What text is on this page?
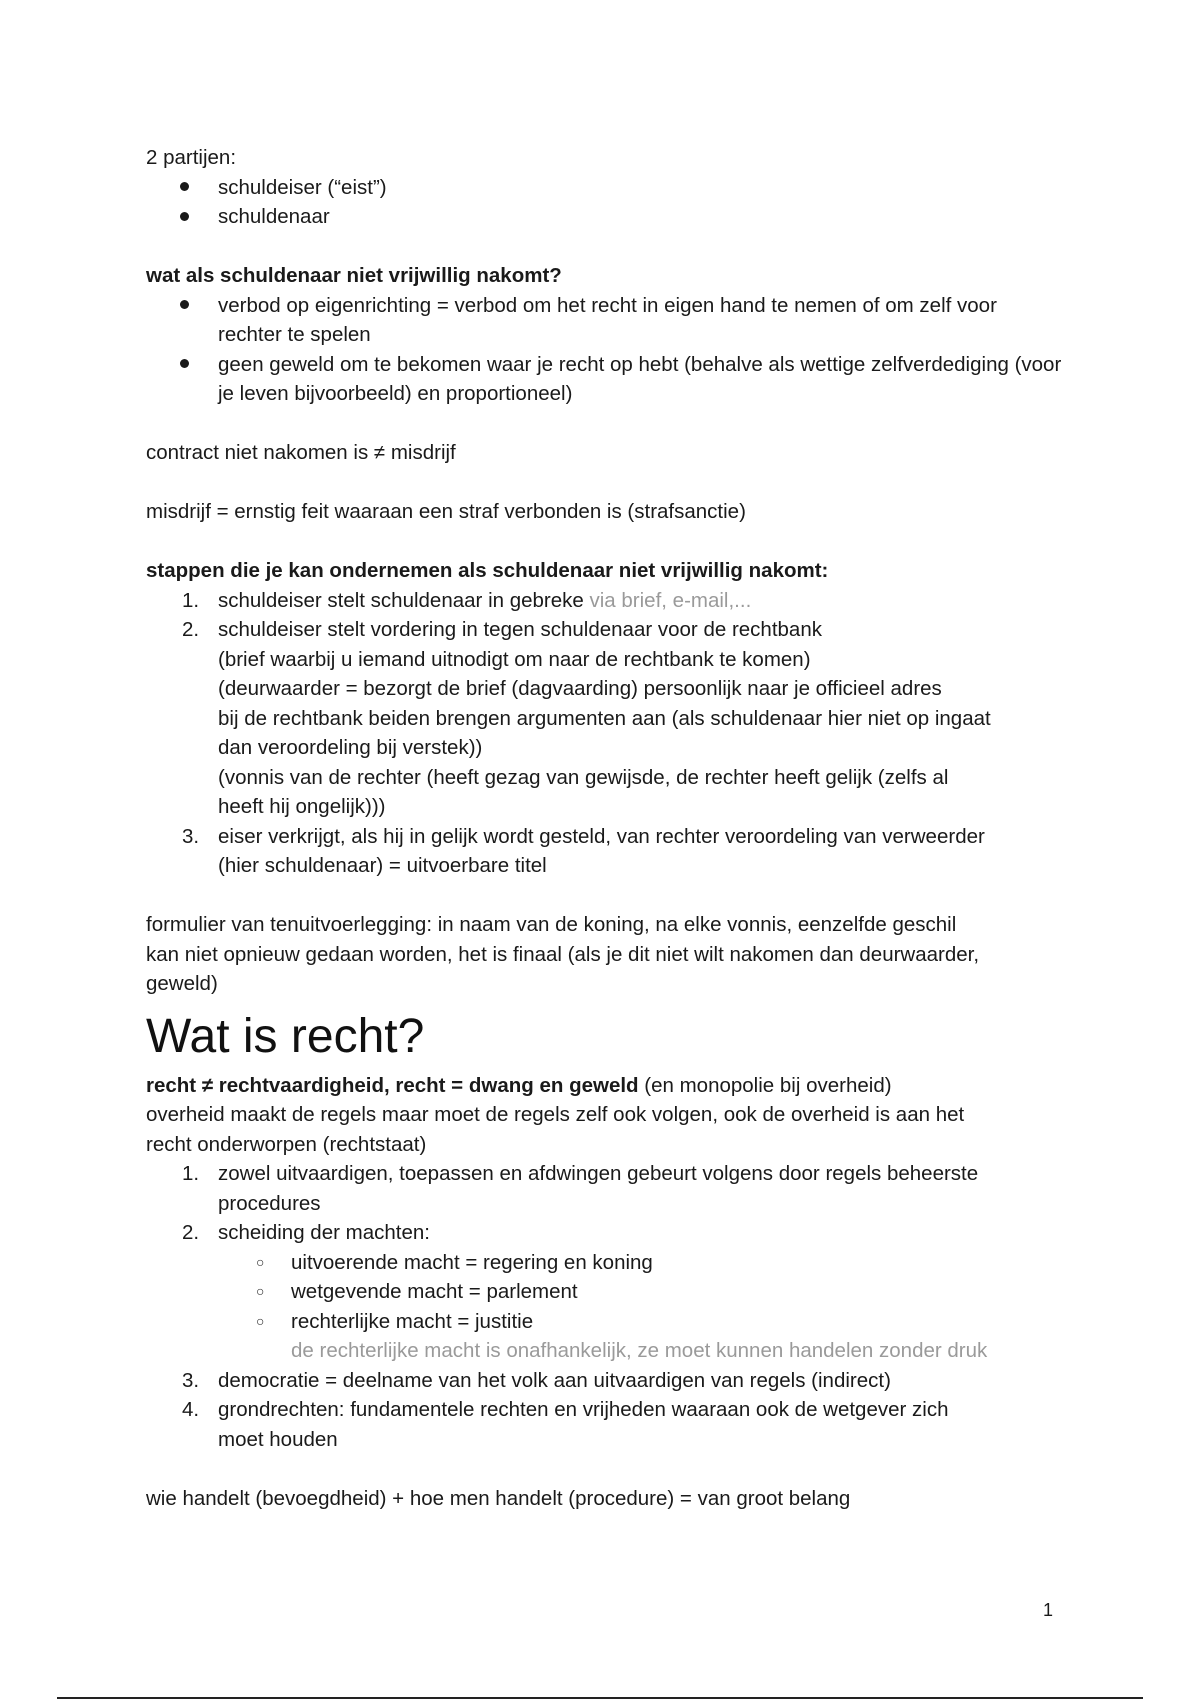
2 partijen:

schuldeiser (“eist”)
schuldenaar

wat als schuldenaar niet vrijwillig nakomt?

verbod op eigenrichting = verbod om het recht in eigen hand te nemen of om zelf voor rechter te spelen
geen geweld om te bekomen waar je recht op hebt (behalve als wettige zelfverdediging (voor je leven bijvoorbeeld) en proportioneel)

contract niet nakomen is ≠ misdrijf

misdrijf = ernstig feit waaraan een straf verbonden is (strafsanctie)

stappen die je kan ondernemen als schuldenaar niet vrijwillig nakomt:

1. schuldeiser stelt schuldenaar in gebreke via brief, e-mail,...
2. schuldeiser stelt vordering in tegen schuldenaar voor de rechtbank
(brief waarbij u iemand uitnodigt om naar de rechtbank te komen)
(deurwaarder = bezorgt de brief (dagvaarding) persoonlijk naar je officieel adres
bij de rechtbank beiden brengen argumenten aan (als schuldenaar hier niet op ingaat
dan veroordeling bij verstek))
(vonnis van de rechter (heeft gezag van gewijsde, de rechter heeft gelijk (zelfs al
heeft hij ongelijk)))
3. eiser verkrijgt, als hij in gelijk wordt gesteld, van rechter veroordeling van verweerder
(hier schuldenaar) = uitvoerbare titel

formulier van tenuitvoerlegging: in naam van de koning, na elke vonnis, eenzelfde geschil

kan niet opnieuw gedaan worden, het is finaal (als je dit niet wilt nakomen dan deurwaarder,

geweld)

Wat is recht?

recht ≠ rechtvaardigheid, recht = dwang en geweld (en monopolie bij overheid)

overheid maakt de regels maar moet de regels zelf ook volgen, ook de overheid is aan het

recht onderworpen (rechtstaat)

1. zowel uitvaardigen, toepassen en afdwingen gebeurt volgens door regels beheerste
procedures
2. scheiding der machten:
○ uitvoerende macht = regering en koning
○ wetgevende macht = parlement
○ rechterlijke macht = justitie
de rechterlijke macht is onafhankelijk, ze moet kunnen handelen zonder druk
3. democratie = deelname van het volk aan uitvaardigen van regels (indirect)
4. grondrechten: fundamentele rechten en vrijheden waaraan ook de wetgever zich
moet houden

wie handelt (bevoegdheid) + hoe men handelt (procedure) = van groot belang

1
